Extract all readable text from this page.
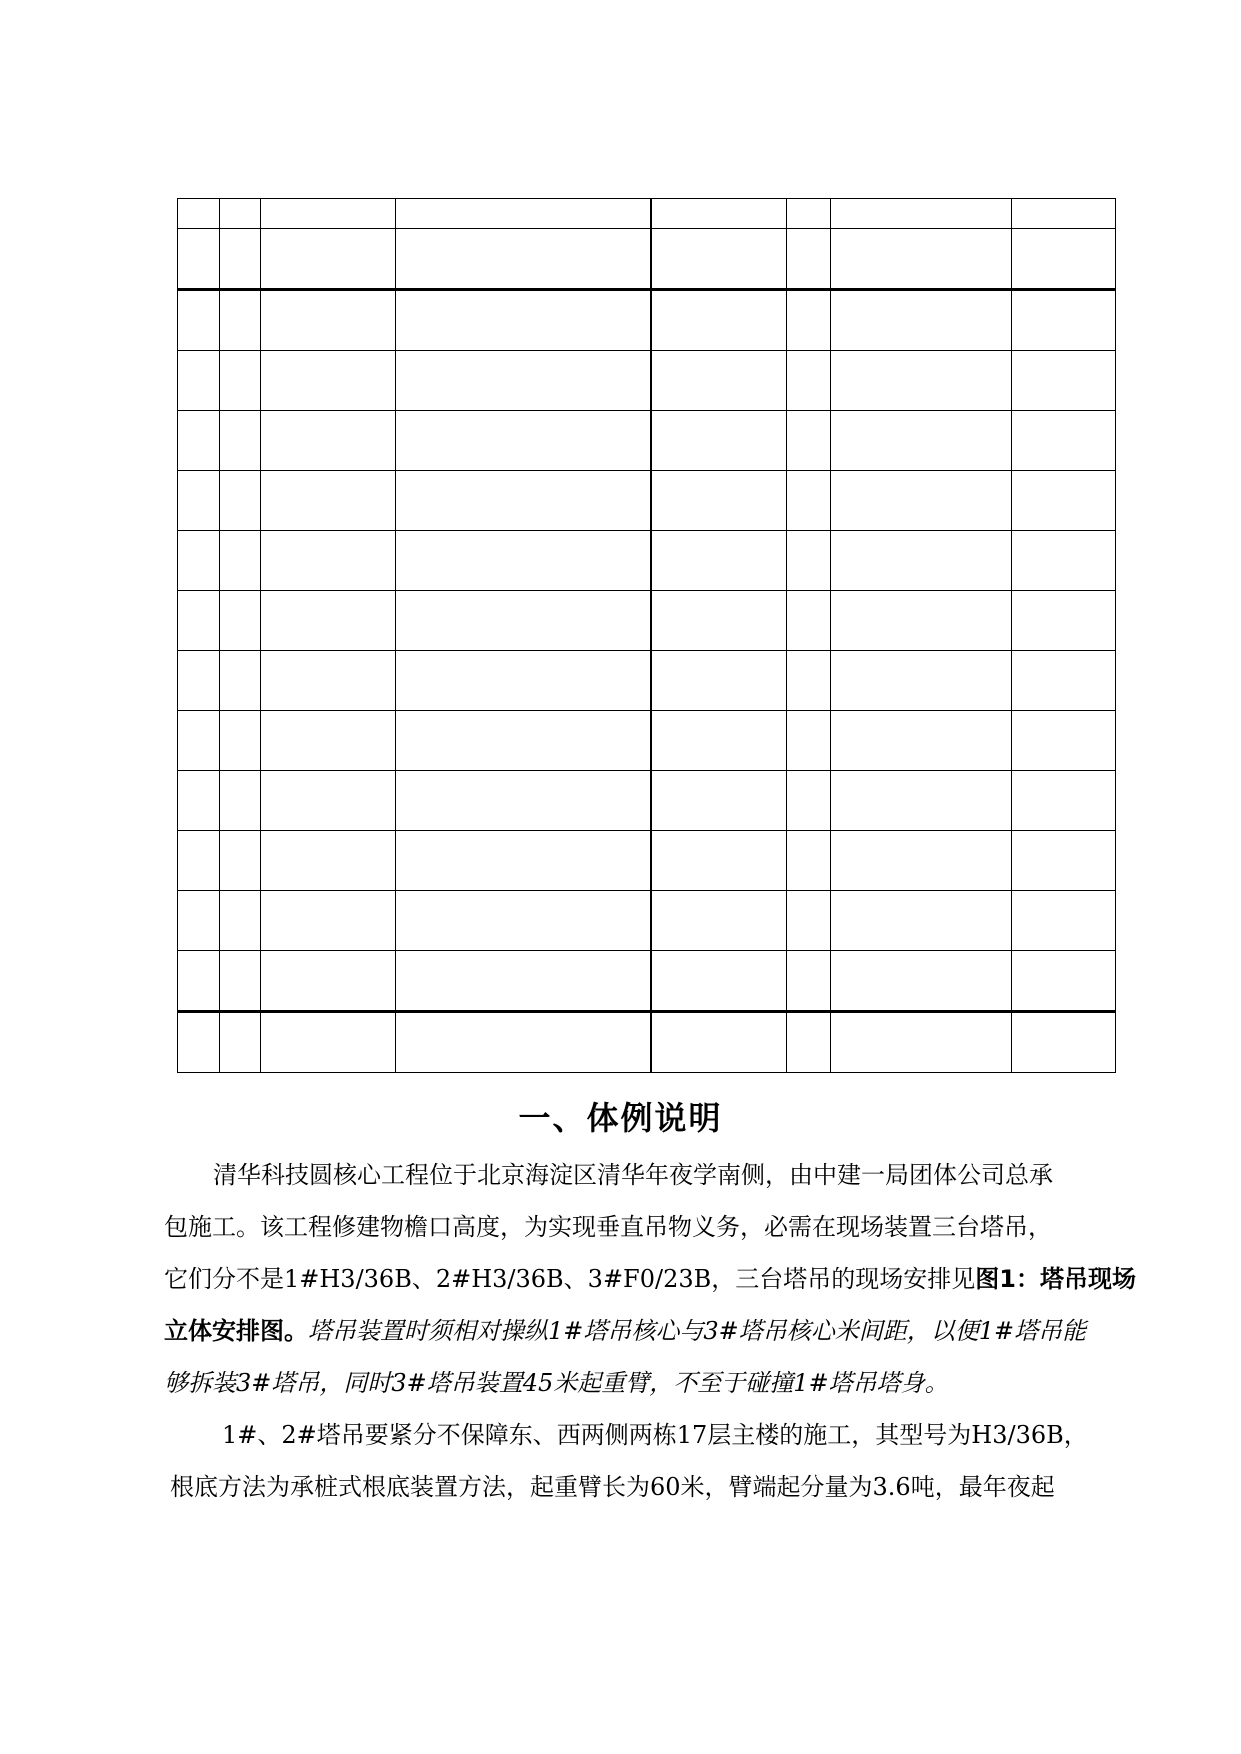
一、体例说明
清华科技圆核心工程位于北京海淀区清华年夜学南侧，由中建一局团体公司总承
包施工。该工程修建物檐口高度，为实现垂直吊物义务，必需在现场装置三台塔吊，
它们分不是1#H3/36B、2#H3/36B、3#F0/23B，三台塔吊的现场安排见图1：塔吊现场
立体安排图。塔吊装置时须相对操纵1#塔吊核心与3#塔吊核心米间距，以便1#塔吊能
够拆装3#塔吊，同时3#塔吊装置45米起重臂，不至于碰撞1#塔吊塔身。
1#、2#塔吊要紧分不保障东、西两侧两栋17层主楼的施工，其型号为H3/36B，
根底方法为承桩式根底装置方法，起重臂长为60米，臂端起分量为3.6吨，最年夜起
